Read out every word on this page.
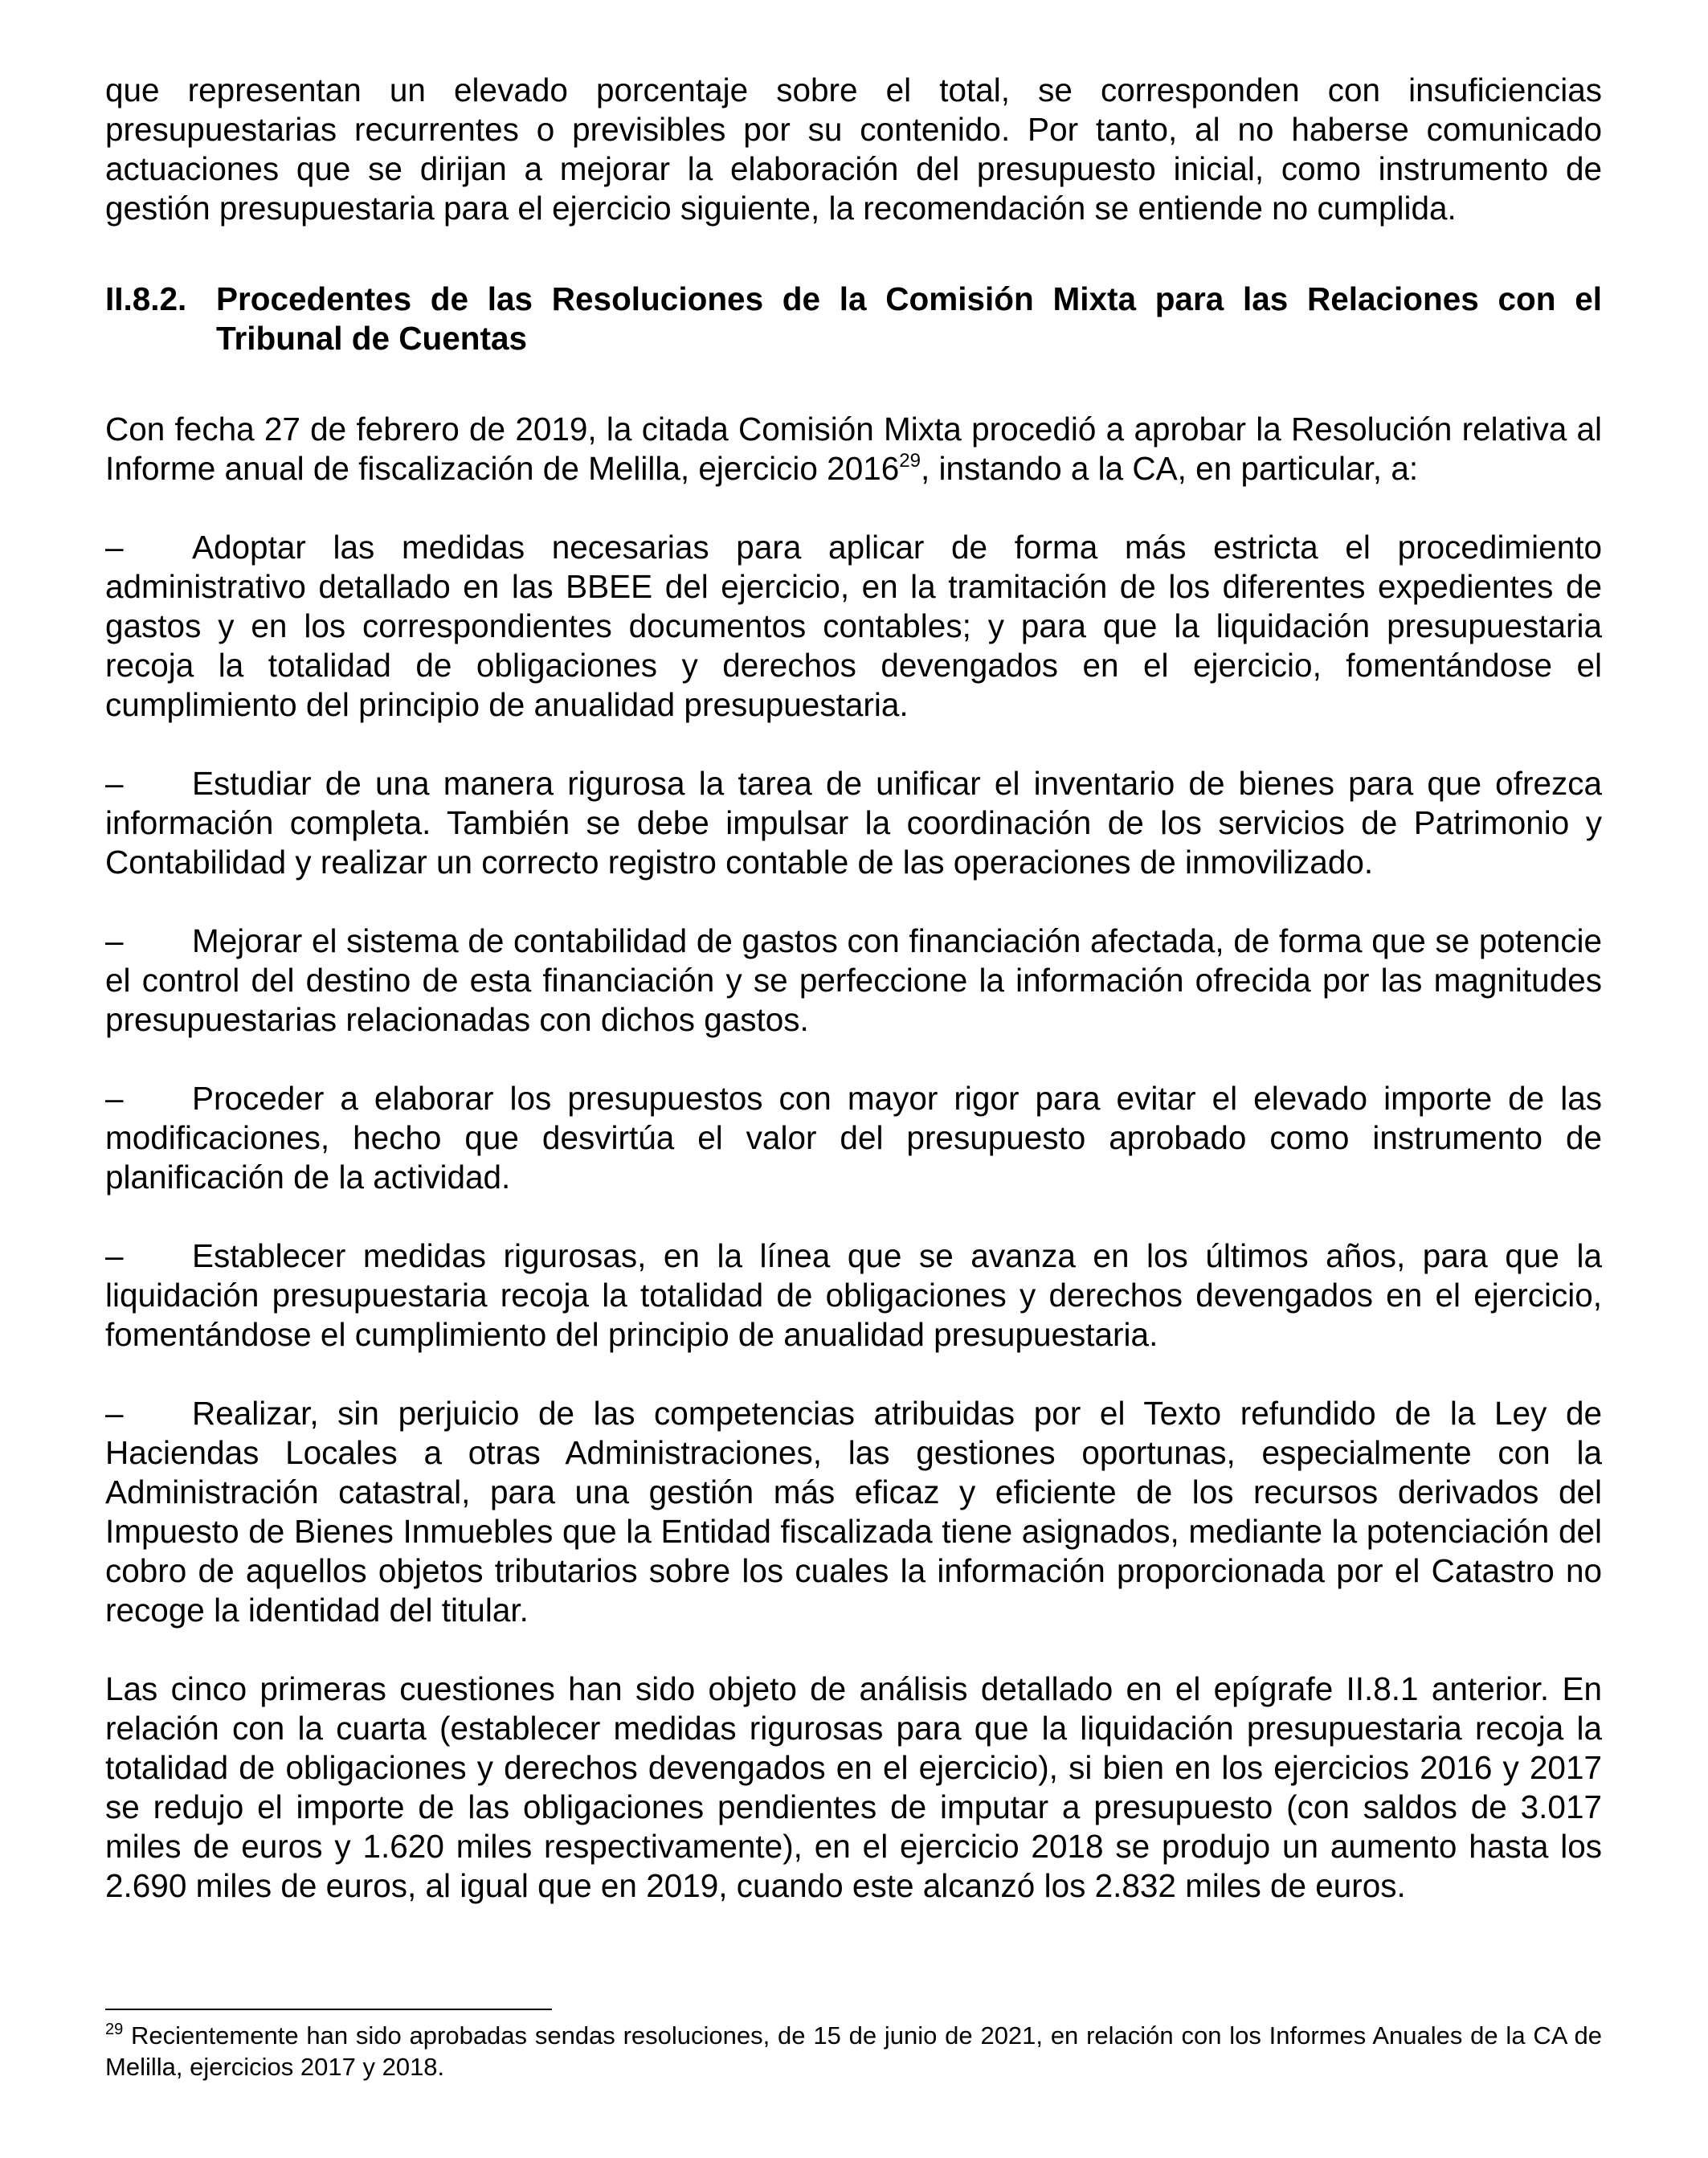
que representan un elevado porcentaje sobre el total, se corresponden con insuficiencias presupuestarias recurrentes o previsibles por su contenido. Por tanto, al no haberse comunicado actuaciones que se dirijan a mejorar la elaboración del presupuesto inicial, como instrumento de gestión presupuestaria para el ejercicio siguiente, la recomendación se entiende no cumplida.

II.8.2. Procedentes de las Resoluciones de la Comisión Mixta para las Relaciones con el Tribunal de Cuentas

Con fecha 27 de febrero de 2019, la citada Comisión Mixta procedió a aprobar la Resolución relativa al Informe anual de fiscalización de Melilla, ejercicio 2016$^{29}$, instando a la CA, en particular, a:

– Adoptar las medidas necesarias para aplicar de forma más estricta el procedimiento administrativo detallado en las BBEE del ejercicio, en la tramitación de los diferentes expedientes de gastos y en los correspondientes documentos contables; y para que la liquidación presupuestaria recoja la totalidad de obligaciones y derechos devengados en el ejercicio, fomentándose el cumplimiento del principio de anualidad presupuestaria.

– Estudiar de una manera rigurosa la tarea de unificar el inventario de bienes para que ofrezca información completa. También se debe impulsar la coordinación de los servicios de Patrimonio y Contabilidad y realizar un correcto registro contable de las operaciones de inmovilizado.

– Mejorar el sistema de contabilidad de gastos con financiación afectada, de forma que se potencie el control del destino de esta financiación y se perfeccione la información ofrecida por las magnitudes presupuestarias relacionadas con dichos gastos.

– Proceder a elaborar los presupuestos con mayor rigor para evitar el elevado importe de las modificaciones, hecho que desvirtúa el valor del presupuesto aprobado como instrumento de planificación de la actividad.

– Establecer medidas rigurosas, en la línea que se avanza en los últimos años, para que la liquidación presupuestaria recoja la totalidad de obligaciones y derechos devengados en el ejercicio, fomentándose el cumplimiento del principio de anualidad presupuestaria.

– Realizar, sin perjuicio de las competencias atribuidas por el Texto refundido de la Ley de Haciendas Locales a otras Administraciones, las gestiones oportunas, especialmente con la Administración catastral, para una gestión más eficaz y eficiente de los recursos derivados del Impuesto de Bienes Inmuebles que la Entidad fiscalizada tiene asignados, mediante la potenciación del cobro de aquellos objetos tributarios sobre los cuales la información proporcionada por el Catastro no recoge la identidad del titular.

Las cinco primeras cuestiones han sido objeto de análisis detallado en el epígrafe II.8.1 anterior. En relación con la cuarta (establecer medidas rigurosas para que la liquidación presupuestaria recoja la totalidad de obligaciones y derechos devengados en el ejercicio), si bien en los ejercicios 2016 y 2017 se redujo el importe de las obligaciones pendientes de imputar a presupuesto (con saldos de 3.017 miles de euros y 1.620 miles respectivamente), en el ejercicio 2018 se produjo un aumento hasta los 2.690 miles de euros, al igual que en 2019, cuando este alcanzó los 2.832 miles de euros.

$^{29}$ Recientemente han sido aprobadas sendas resoluciones, de 15 de junio de 2021, en relación con los Informes Anuales de la CA de Melilla, ejercicios 2017 y 2018.
